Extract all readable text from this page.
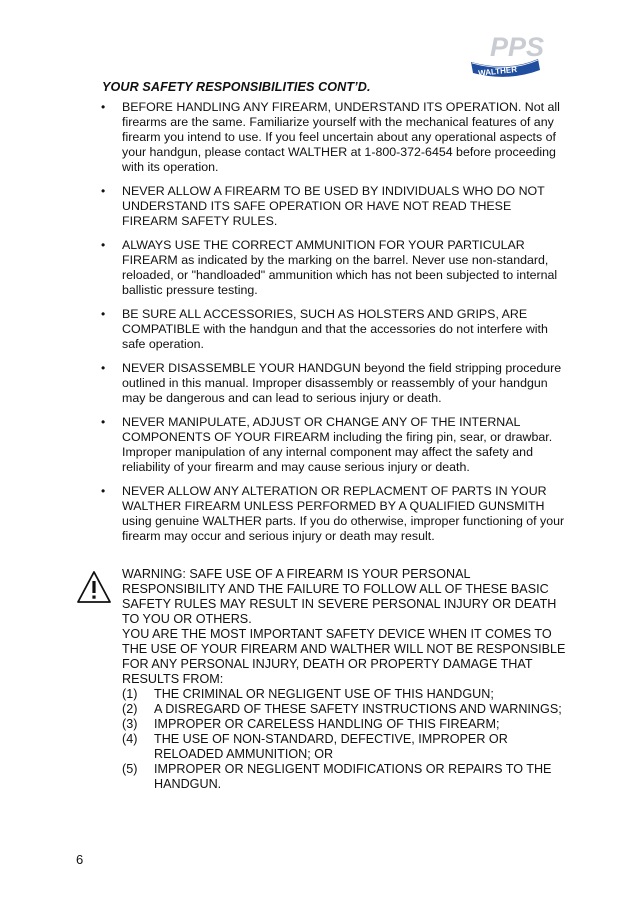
PPS
WALTHER
YOUR SAFETY RESPONSIBILITIES CONT’D.
• BEFORE HANDLING ANY FIREARM, UNDERSTAND ITS OPERATION. Not all firearms are the same. Familiarize yourself with the mechanical features of any firearm you intend to use. If you feel uncertain about any operational aspects of your handgun, please contact WALTHER at 1-800-372-6454 before proceeding with its operation.
• NEVER ALLOW A FIREARM TO BE USED BY INDIVIDUALS WHO DO NOT UNDERSTAND ITS SAFE OPERATION OR HAVE NOT READ THESE FIREARM SAFETY RULES.
• ALWAYS USE THE CORRECT AMMUNITION FOR YOUR PARTICULAR FIREARM as indicated by the marking on the barrel. Never use non-standard, reloaded, or "handloaded" ammunition which has not been subjected to internal ballistic pressure testing.
• BE SURE ALL ACCESSORIES, SUCH AS HOLSTERS AND GRIPS, ARE COMPATIBLE with the handgun and that the accessories do not interfere with safe operation.
• NEVER DISASSEMBLE YOUR HANDGUN beyond the field stripping procedure outlined in this manual. Improper disassembly or reassembly of your handgun may be dangerous and can lead to serious injury or death.
• NEVER MANIPULATE, ADJUST OR CHANGE ANY OF THE INTERNAL COMPONENTS OF YOUR FIREARM including the firing pin, sear, or drawbar.
Improper manipulation of any internal component may affect the safety and reliability of your firearm and may cause serious injury or death.
• NEVER ALLOW ANY ALTERATION OR REPLACMENT OF PARTS IN YOUR WALTHER FIREARM UNLESS PERFORMED BY A QUALIFIED GUNSMITH using genuine WALTHER parts. If you do otherwise, improper functioning of your firearm may occur and serious injury or death may result.

WARNING: SAFE USE OF A FIREARM IS YOUR PERSONAL RESPONSIBILITY AND THE FAILURE TO FOLLOW ALL OF THESE BASIC SAFETY RULES MAY RESULT IN SEVERE PERSONAL INJURY OR DEATH TO YOU OR OTHERS.

YOU ARE THE MOST IMPORTANT SAFETY DEVICE WHEN IT COMES TO THE USE OF YOUR FIREARM AND WALTHER WILL NOT BE RESPONSIBLE FOR ANY PERSONAL INJURY, DEATH OR PROPERTY DAMAGE THAT RESULTS FROM:

(1) THE CRIMINAL OR NEGLIGENT USE OF THIS HANDGUN;
(2) A DISREGARD OF THESE SAFETY INSTRUCTIONS AND WARNINGS;
(3) IMPROPER OR CARELESS HANDLING OF THIS FIREARM;
(4) THE USE OF NON-STANDARD, DEFECTIVE, IMPROPER OR RELOADED AMMUNITION; OR
(5) IMPROPER OR NEGLIGENT MODIFICATIONS OR REPAIRS TO THE HANDGUN.
6
